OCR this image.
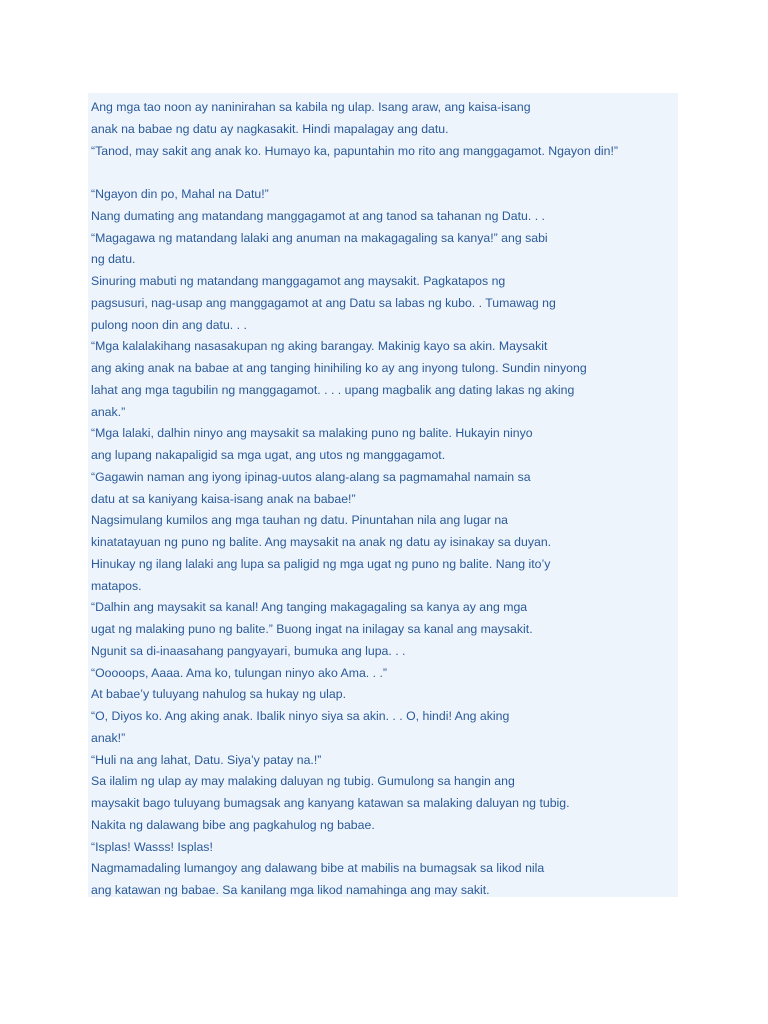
Ang mga tao noon ay naninirahan sa kabila ng ulap. Isang araw, ang kaisa-isang
anak na babae ng datu ay nagkasakit. Hindi mapalagay ang datu.
“Tanod, may sakit ang anak ko. Humayo ka, papuntahin mo rito ang manggagamot. Ngayon din!”
“Ngayon din po, Mahal na Datu!”
Nang dumating ang matandang manggagamot at ang tanod sa tahanan ng Datu. . .
“Magagawa ng matandang lalaki ang anuman na makagagaling sa kanya!” ang sabi
ng datu.
Sinuring mabuti ng matandang manggagamot ang maysakit. Pagkatapos ng
pagsusuri, nag-usap ang manggagamot at ang Datu sa labas ng kubo. . Tumawag ng
pulong noon din ang datu. . .
“Mga kalalakihang nasasakupan ng aking barangay. Makinig kayo sa akin. Maysakit
ang aking anak na babae at ang tanging hinihiling ko ay ang inyong tulong. Sundin ninyong
lahat ang mga tagubilin ng manggagamot. . . . upang magbalik ang dating lakas ng aking
anak.”
“Mga lalaki, dalhin ninyo ang maysakit sa malaking puno ng balite. Hukayin ninyo
ang lupang nakapaligid sa mga ugat, ang utos ng manggagamot.
“Gagawin naman ang iyong ipinag-uutos alang-alang sa pagmamahal namain sa
datu at sa kaniyang kaisa-isang anak na babae!”
Nagsimulang kumilos ang mga tauhan ng datu. Pinuntahan nila ang lugar na
kinatatayuan ng puno ng balite. Ang maysakit na anak ng datu ay isinakay sa duyan.
Hinukay ng ilang lalaki ang lupa sa paligid ng mga ugat ng puno ng balite. Nang ito’y
matapos.
“Dalhin ang maysakit sa kanal! Ang tanging makagagaling sa kanya ay ang mga
ugat ng malaking puno ng balite.” Buong ingat na inilagay sa kanal ang maysakit.
Ngunit sa di-inaasahang pangyayari, bumuka ang lupa. . .
“Ooooops, Aaaa. Ama ko, tulungan ninyo ako Ama. . .”
At babae’y tuluyang nahulog sa hukay ng ulap.
“O, Diyos ko. Ang aking anak. Ibalik ninyo siya sa akin. . . O, hindi! Ang aking
anak!”
“Huli na ang lahat, Datu. Siya’y patay na.!”
Sa ilalim ng ulap ay may malaking daluyan ng tubig. Gumulong sa hangin ang
maysakit bago tuluyang bumagsak ang kanyang katawan sa malaking daluyan ng tubig.
Nakita ng dalawang bibe ang pagkahulog ng babae.
“Isplas! Wasss! Isplas!
Nagmamadaling lumangoy ang dalawang bibe at mabilis na bumagsak sa likod nila
ang katawan ng babae. Sa kanilang mga likod namahinga ang may sakit.
